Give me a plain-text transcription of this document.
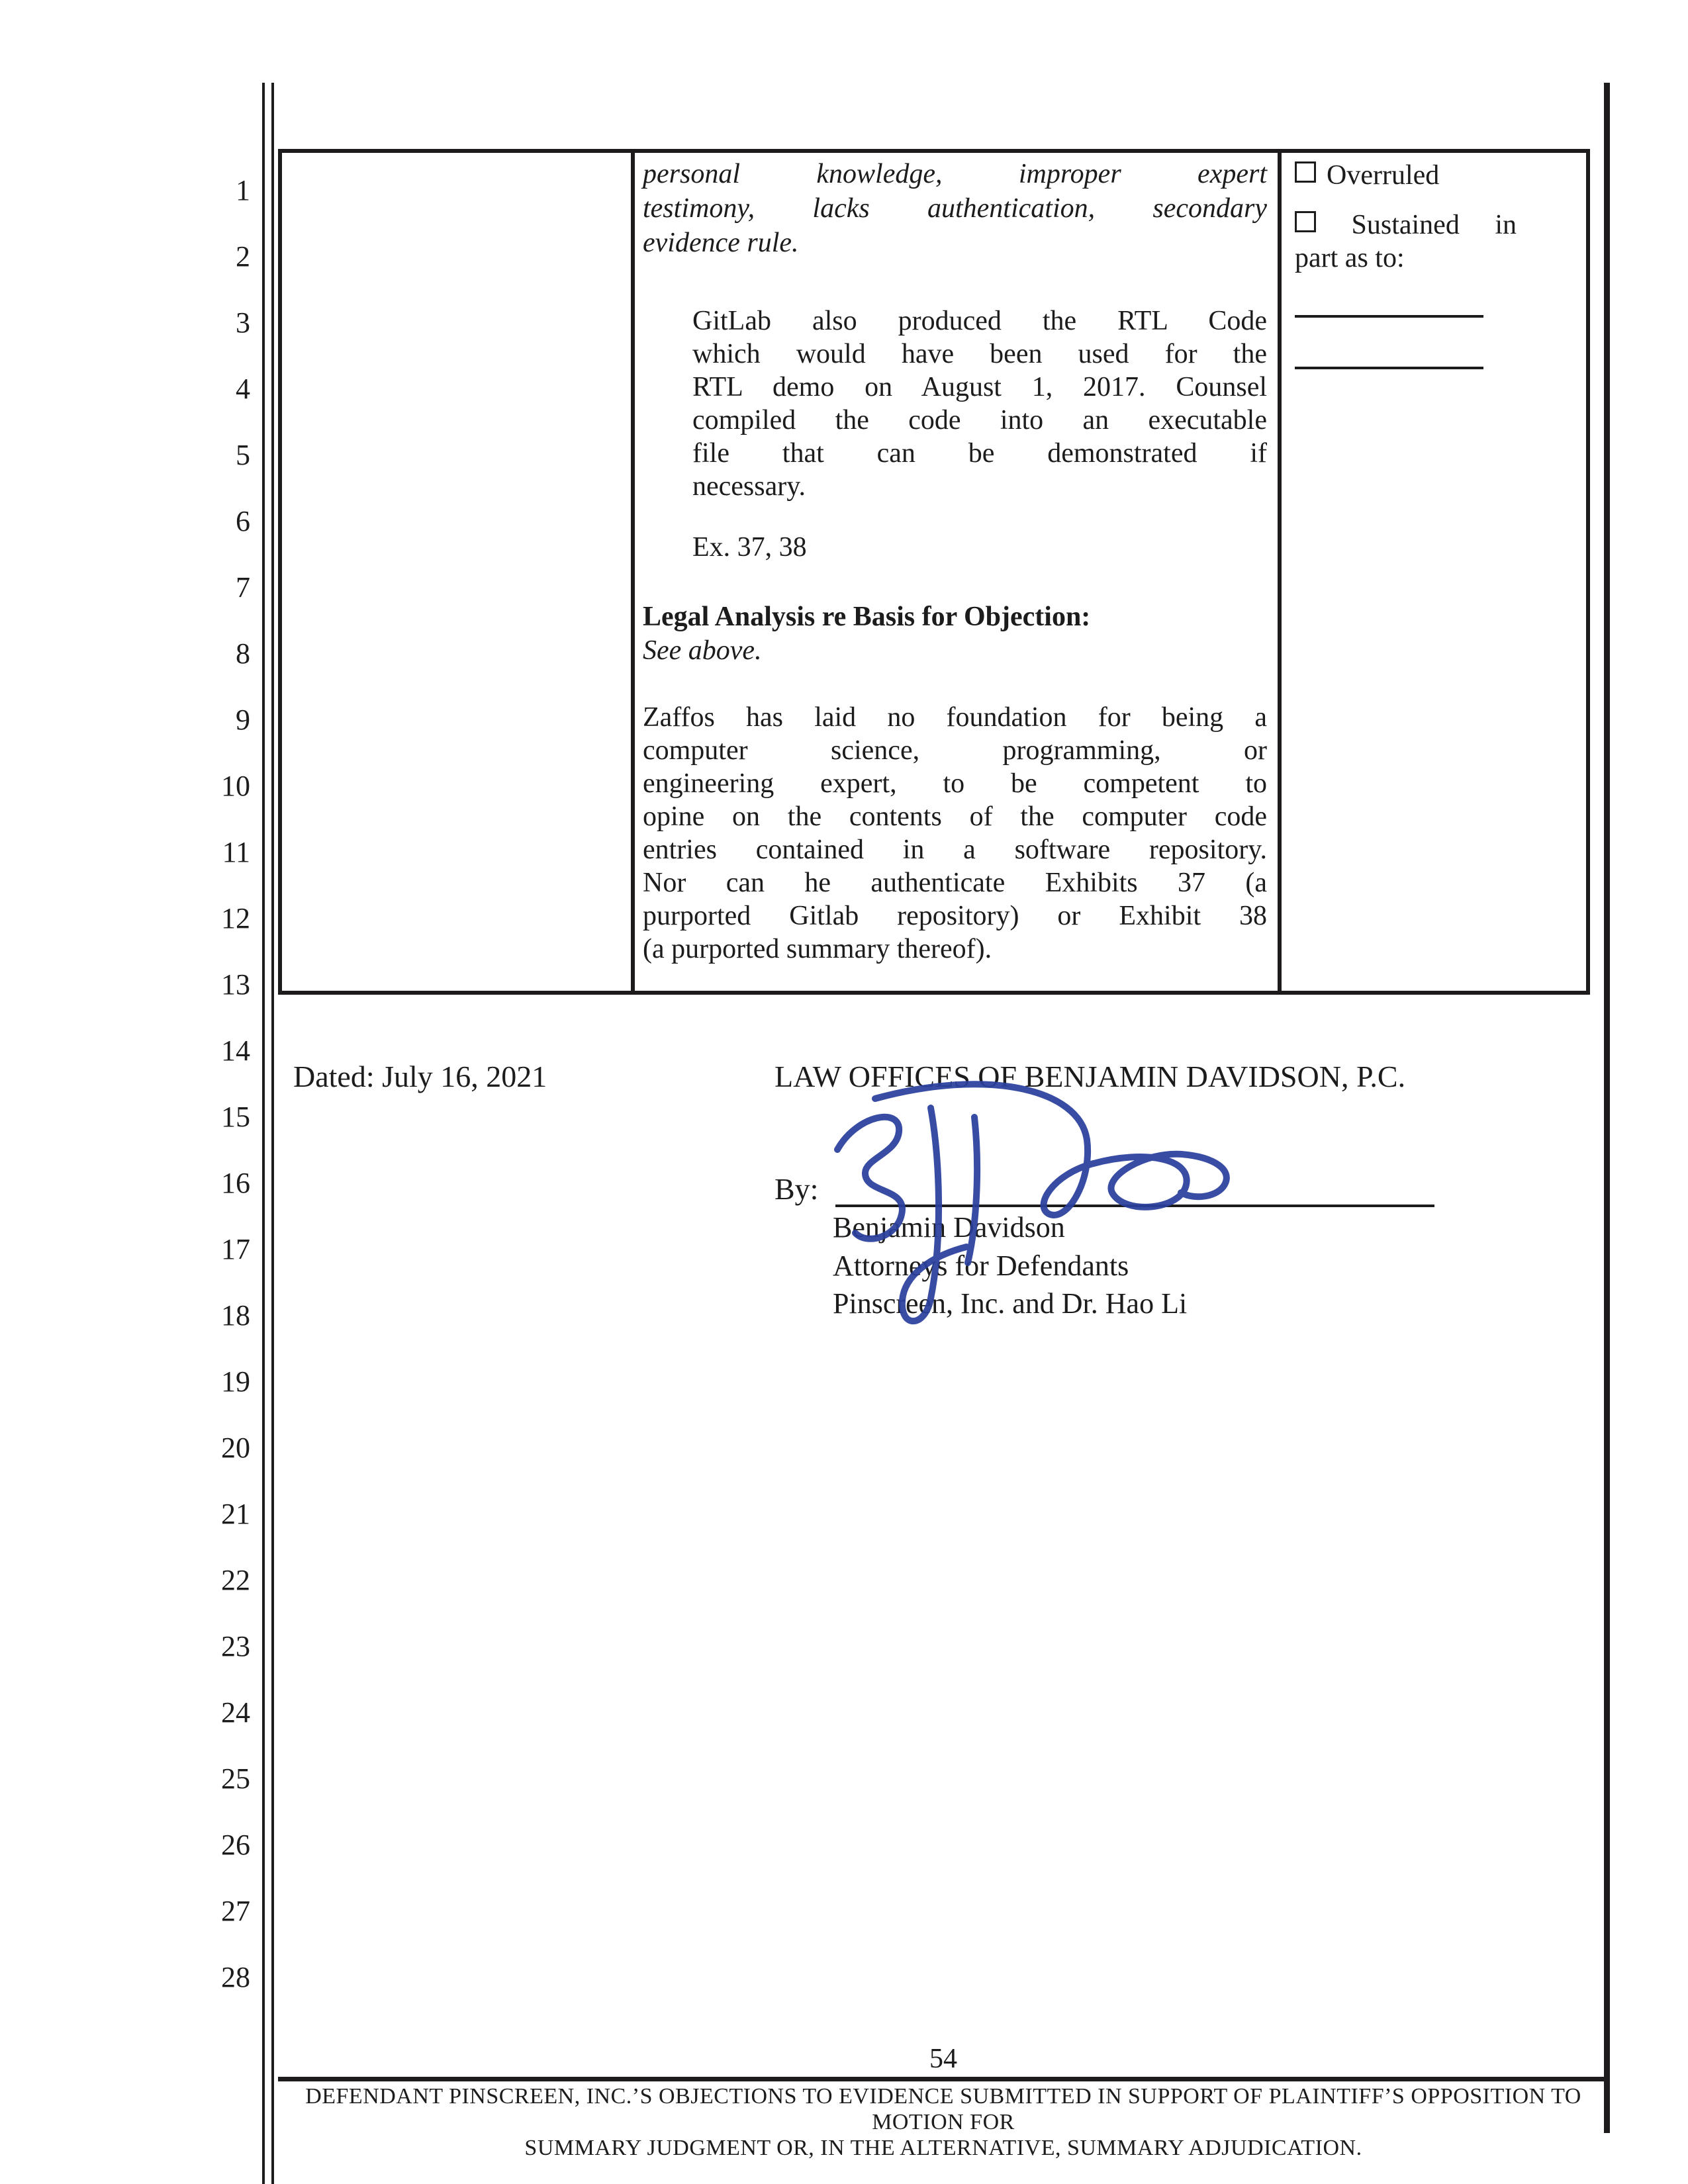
1
2
3
4
5
6
7
8
9
10
11
12
13
14
15
16
17
18
19
20
21
22
23
24
25
26
27
28
personal knowledge, improper expert
testimony, lacks authentication, secondary
evidence rule.
GitLab also produced the RTL Code
which would have been used for the
RTL demo on August 1, 2017. Counsel
compiled the code into an executable
file that can be demonstrated if
necessary.
Ex. 37, 38
Legal Analysis re Basis for Objection:
See above.
Zaffos has laid no foundation for being a
computer science, programming, or
engineering expert, to be competent to
opine on the contents of the computer code
entries contained in a software repository.
Nor can he authenticate Exhibits 37 (a
purported Gitlab repository) or Exhibit 38
(a purported summary thereof).
Overruled
Sustained in
part as to:
Dated: July 16, 2021	LAW OFFICES OF BENJAMIN DAVIDSON, P.C.
By:
Benjamin Davidson
Attorneys for Defendants
Pinscreen, Inc. and Dr. Hao Li
54
DEFENDANT PINSCREEN, INC.’S OBJECTIONS TO EVIDENCE SUBMITTED IN SUPPORT OF PLAINTIFF’S OPPOSITION TO MOTION FOR
SUMMARY JUDGMENT OR, IN THE ALTERNATIVE, SUMMARY ADJUDICATION.
